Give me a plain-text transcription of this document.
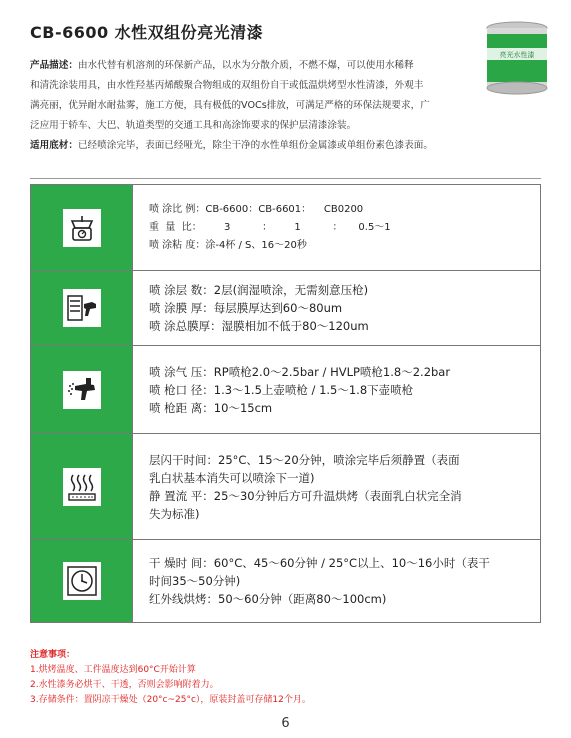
CB-6600 水性双组份亮光清漆
亮光水性漆

产品描述：由水代替有机溶剂的环保新产品，以水为分散介质，不燃不爆，可以使用水稀释

和清洗涂装用具，由水性羟基丙烯酸聚合物组成的双组份自干或低温烘烤型水性清漆，外观丰

满亮丽，优异耐水耐盐雾，施工方便，具有极低的VOCs排放，可满足严格的环保法规要求，广

泛应用于轿车、大巴、轨道类型的交通工具和高涂饰要求的保护层清漆涂装。

适用底材：已经喷涂完毕，表面已经哑光，除尘干净的水性单组份金属漆或单组份素色漆表面。

喷 涂比 例：CB-6600：CB-6601：    CB0200
重  量  比：       3          ：       1          ：     0.5～1
喷 涂粘 度：涂-4杯 / S、16～20秒
喷 涂层 数：2层(润湿喷涂，无需刻意压枪)
喷 涂膜 厚：每层膜厚达到60～80um
喷 涂总膜厚：湿膜相加不低于80～120um
喷 涂气 压：RP喷枪2.0～2.5bar / HVLP喷枪1.8～2.2bar
喷 枪口 径：1.3～1.5上壶喷枪 / 1.5～1.8下壶喷枪
喷 枪距 离：10～15cm
层闪干时间：25°C、15～20分钟，喷涂完毕后须静置（表面
乳白状基本消失可以喷涂下一道)
静 置流 平：25～30分钟后方可升温烘烤（表面乳白状完全消
失为标准)
干 燥时 间：60°C、45～60分钟 / 25°C以上、10～16小时（表干
时间35～50分钟)
红外线烘烤：50～60分钟（距离80～100cm)
注意事项：
1.烘烤温度、工件温度达到60°C开始计算
2.水性漆务必烘干、干透，否则会影响附着力。
3.存储条件：置阴凉干燥处（20°c~25°c），原装封盖可存储12个月。
6
